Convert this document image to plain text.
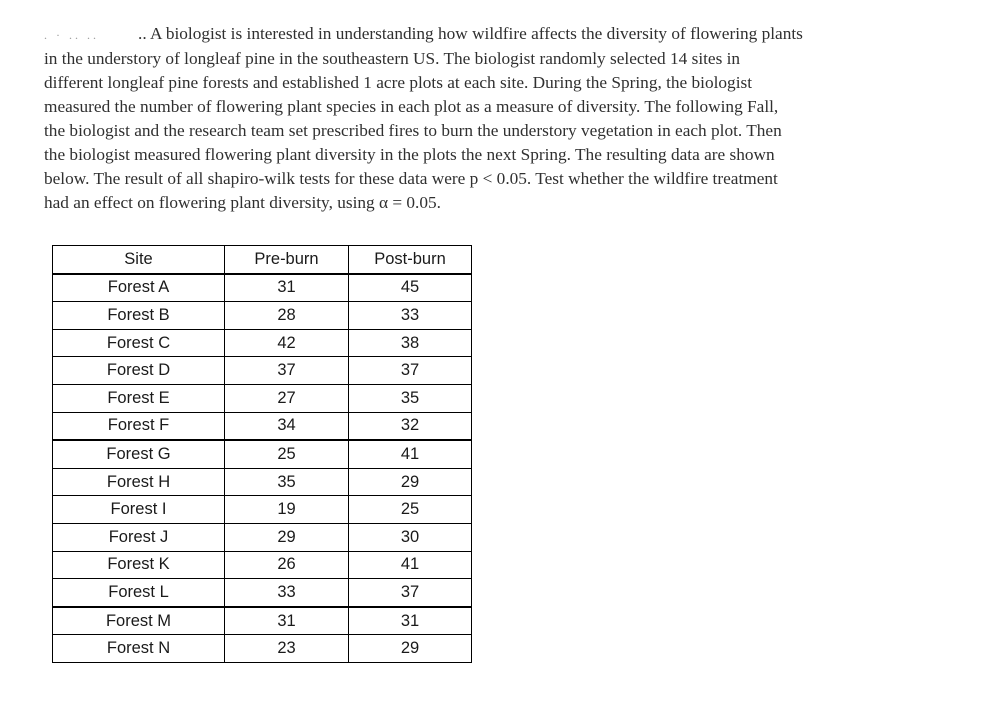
. · .. .. .. A biologist is interested in understanding how wildfire affects the diversity of flowering plants
in the understory of longleaf pine in the southeastern US. The biologist randomly selected 14 sites in
different longleaf pine forests and established 1 acre plots at each site. During the Spring, the biologist
measured the number of flowering plant species in each plot as a measure of diversity. The following Fall,
the biologist and the research team set prescribed fires to burn the understory vegetation in each plot. Then
the biologist measured flowering plant diversity in the plots the next Spring. The resulting data are shown
below. The result of all shapiro-wilk tests for these data were p < 0.05. Test whether the wildfire treatment
had an effect on flowering plant diversity, using α = 0.05.
Site	Pre-burn	Post-burn
Forest A	31	45
Forest B	28	33
Forest C	42	38
Forest D	37	37
Forest E	27	35
Forest F	34	32
Forest G	25	41
Forest H	35	29
Forest I	19	25
Forest J	29	30
Forest K	26	41
Forest L	33	37
Forest M	31	31
Forest N	23	29
